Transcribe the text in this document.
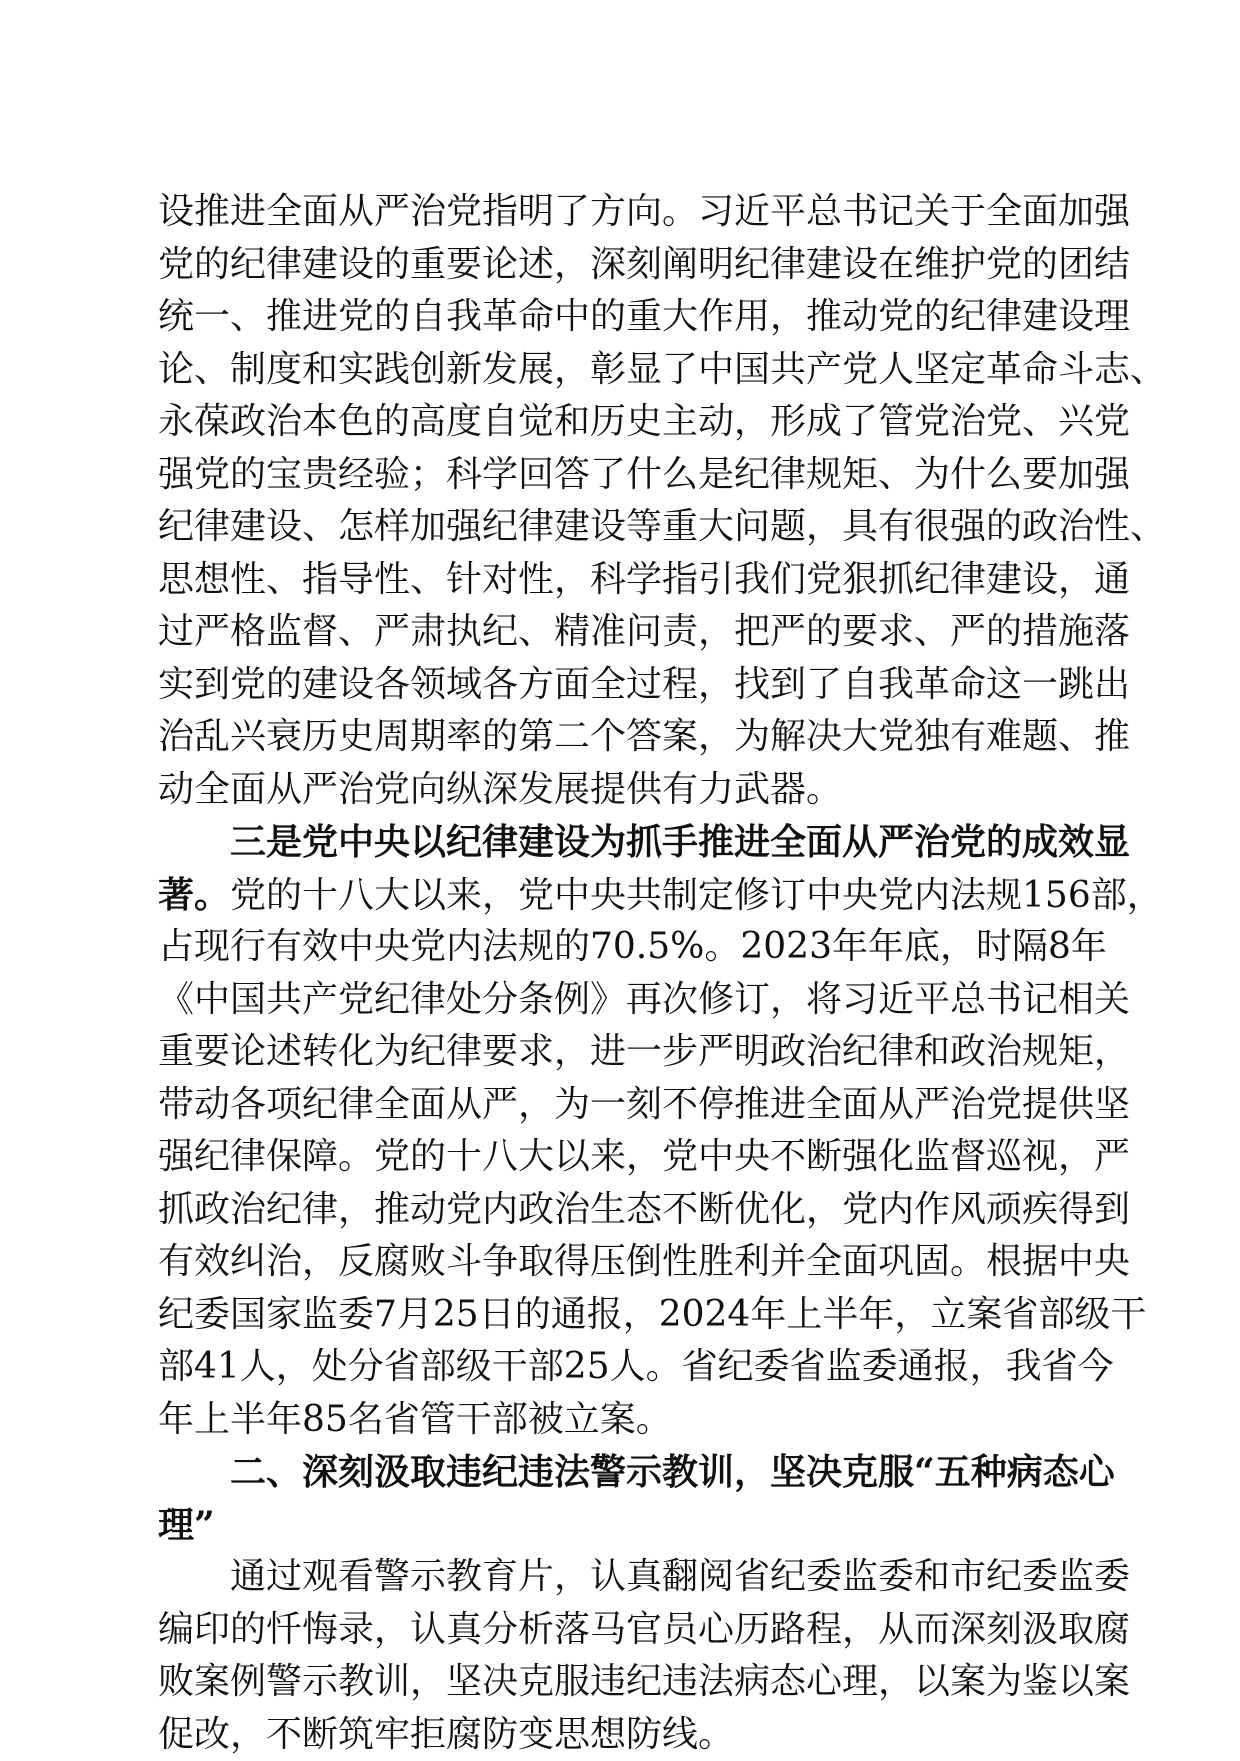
设推进全面从严治党指明了方向。习近平总书记关于全面加强
党的纪律建设的重要论述，深刻阐明纪律建设在维护党的团结
统一、推进党的自我革命中的重大作用，推动党的纪律建设理
论、制度和实践创新发展，彰显了中国共产党人坚定革命斗志、
永葆政治本色的高度自觉和历史主动，形成了管党治党、兴党
强党的宝贵经验；科学回答了什么是纪律规矩、为什么要加强
纪律建设、怎样加强纪律建设等重大问题，具有很强的政治性、
思想性、指导性、针对性，科学指引我们党狠抓纪律建设，通
过严格监督、严肃执纪、精准问责，把严的要求、严的措施落
实到党的建设各领域各方面全过程，找到了自我革命这一跳出
治乱兴衰历史周期率的第二个答案，为解决大党独有难题、推
动全面从严治党向纵深发展提供有力武器。
三是党中央以纪律建设为抓手推进全面从严治党的成效显
著。党的十八大以来，党中央共制定修订中央党内法规156部，
占现行有效中央党内法规的70.5%。2023年年底，时隔8年
《中国共产党纪律处分条例》再次修订，将习近平总书记相关
重要论述转化为纪律要求，进一步严明政治纪律和政治规矩，
带动各项纪律全面从严，为一刻不停推进全面从严治党提供坚
强纪律保障。党的十八大以来，党中央不断强化监督巡视，严
抓政治纪律，推动党内政治生态不断优化，党内作风顽疾得到
有效纠治，反腐败斗争取得压倒性胜利并全面巩固。根据中央
纪委国家监委7月25日的通报，2024年上半年，立案省部级干
部41人，处分省部级干部25人。省纪委省监委通报，我省今
年上半年85名省管干部被立案。
二、深刻汲取违纪违法警示教训，坚决克服“五种病态心
理”
通过观看警示教育片，认真翻阅省纪委监委和市纪委监委
编印的忏悔录，认真分析落马官员心历路程，从而深刻汲取腐
败案例警示教训，坚决克服违纪违法病态心理，以案为鉴以案
促改，不断筑牢拒腐防变思想防线。
